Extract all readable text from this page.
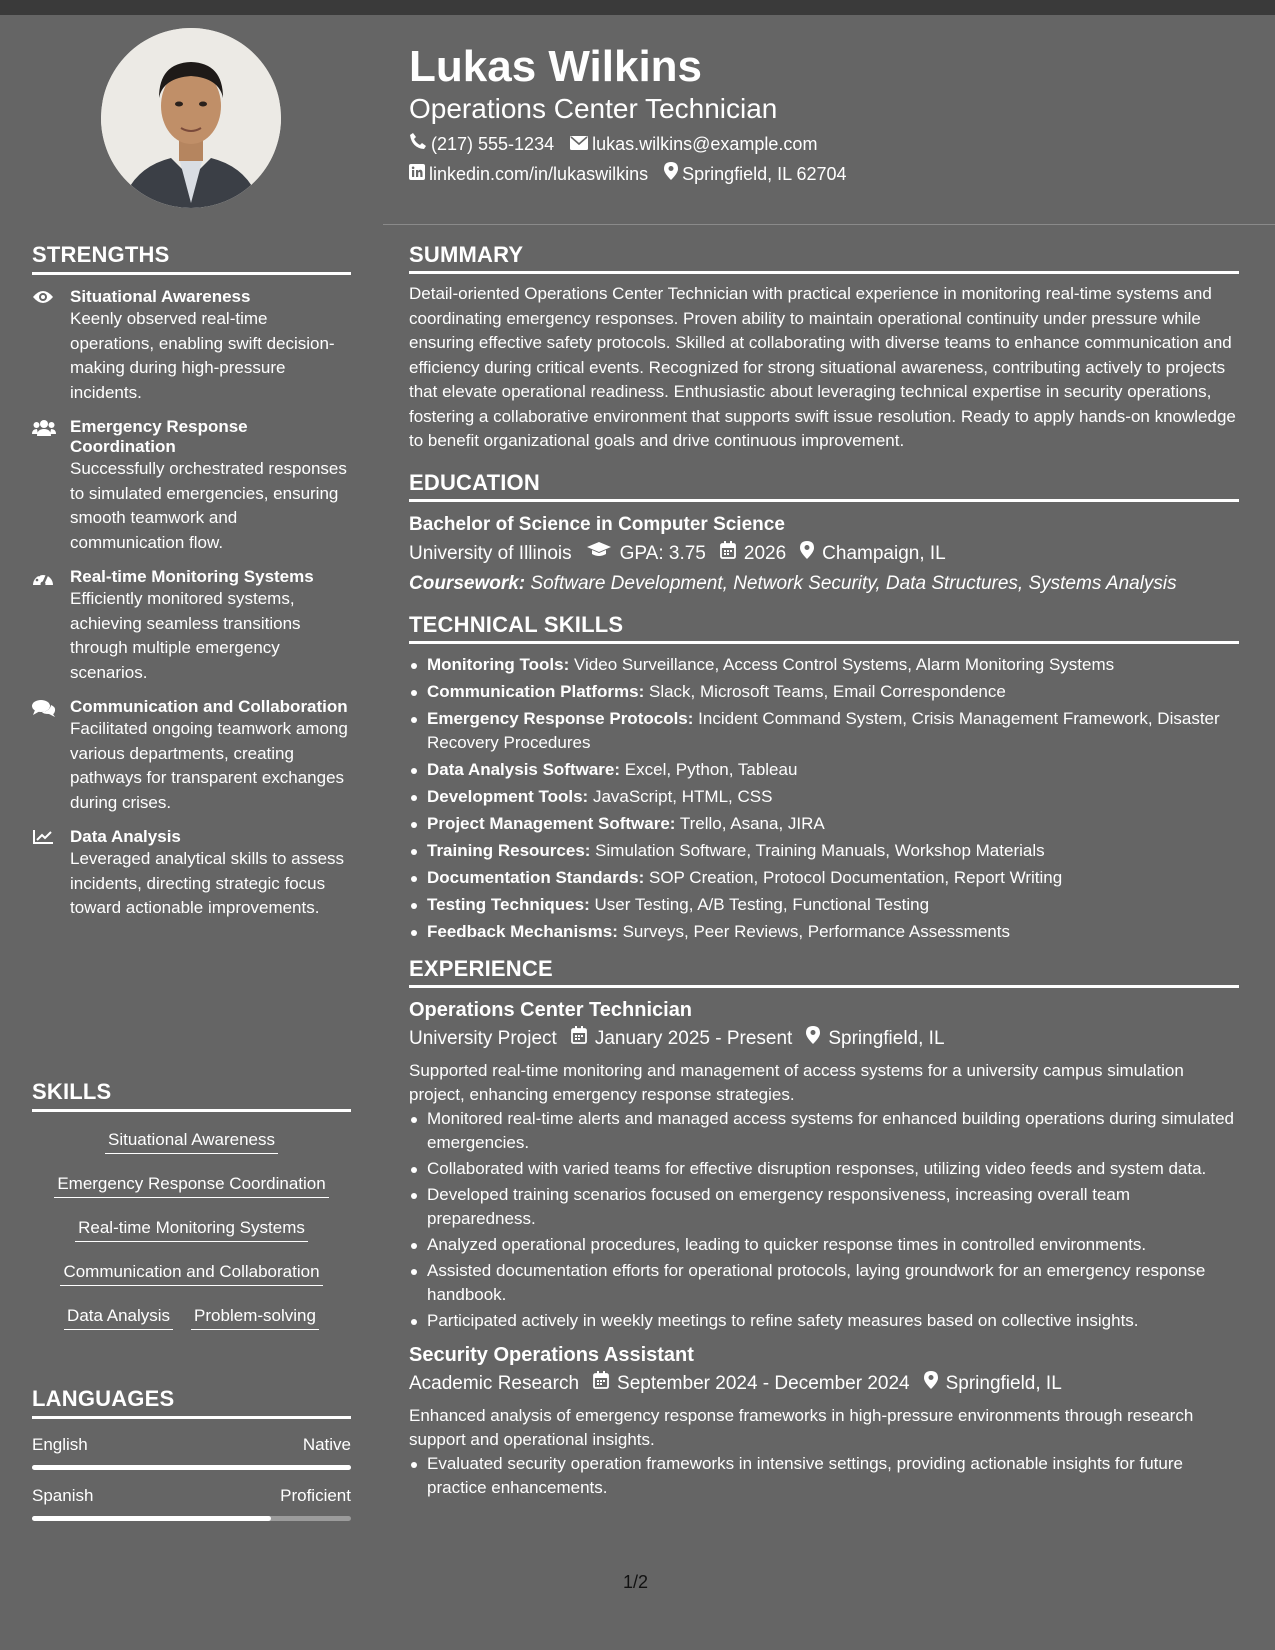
STRENGTHS
Situational Awareness
Keenly observed real-time operations, enabling swift decision-making during high-pressure incidents.
Emergency Response Coordination
Successfully orchestrated responses to simulated emergencies, ensuring smooth teamwork and communication flow.
Real-time Monitoring Systems
Efficiently monitored systems, achieving seamless transitions through multiple emergency scenarios.
Communication and Collaboration
Facilitated ongoing teamwork among various departments, creating pathways for transparent exchanges during crises.
Data Analysis
Leveraged analytical skills to assess incidents, directing strategic focus toward actionable improvements.
SKILLS
Situational Awareness
Emergency Response Coordination
Real-time Monitoring Systems
Communication and Collaboration
Data Analysis Problem-solving
LANGUAGES
English	Native
Spanish	Proficient
Lukas Wilkins
Operations Center Technician
(217) 555-1234 lukas.wilkins@example.com
linkedin.com/in/lukaswilkins Springfield, IL 62704
SUMMARY
Detail-oriented Operations Center Technician with practical experience in monitoring real-time systems and coordinating emergency responses. Proven ability to maintain operational continuity under pressure while ensuring effective safety protocols. Skilled at collaborating with diverse teams to enhance communication and efficiency during critical events. Recognized for strong situational awareness, contributing actively to projects that elevate operational readiness. Enthusiastic about leveraging technical expertise in security operations, fostering a collaborative environment that supports swift issue resolution. Ready to apply hands-on knowledge to benefit organizational goals and drive continuous improvement.
EDUCATION
Bachelor of Science in Computer Science
University of Illinois	GPA: 3.75 2026 Champaign, IL
Coursework: Software Development, Network Security, Data Structures, Systems Analysis
TECHNICAL SKILLS
Monitoring Tools: Video Surveillance, Access Control Systems, Alarm Monitoring Systems
Communication Platforms: Slack, Microsoft Teams, Email Correspondence
Emergency Response Protocols: Incident Command System, Crisis Management Framework, Disaster Recovery Procedures
Data Analysis Software: Excel, Python, Tableau
Development Tools: JavaScript, HTML, CSS
Project Management Software: Trello, Asana, JIRA
Training Resources: Simulation Software, Training Manuals, Workshop Materials
Documentation Standards: SOP Creation, Protocol Documentation, Report Writing
Testing Techniques: User Testing, A/B Testing, Functional Testing
Feedback Mechanisms: Surveys, Peer Reviews, Performance Assessments
EXPERIENCE
Operations Center Technician
University Project January 2025 - Present Springfield, IL
Supported real-time monitoring and management of access systems for a university campus simulation project, enhancing emergency response strategies.
Monitored real-time alerts and managed access systems for enhanced building operations during simulated emergencies.
Collaborated with varied teams for effective disruption responses, utilizing video feeds and system data.
Developed training scenarios focused on emergency responsiveness, increasing overall team preparedness.
Analyzed operational procedures, leading to quicker response times in controlled environments.
Assisted documentation efforts for operational protocols, laying groundwork for an emergency response handbook.
Participated actively in weekly meetings to refine safety measures based on collective insights.
Security Operations Assistant
Academic Research September 2024 - December 2024 Springfield, IL
Enhanced analysis of emergency response frameworks in high-pressure environments through research support and operational insights.
Evaluated security operation frameworks in intensive settings, providing actionable insights for future practice enhancements.
1/2
